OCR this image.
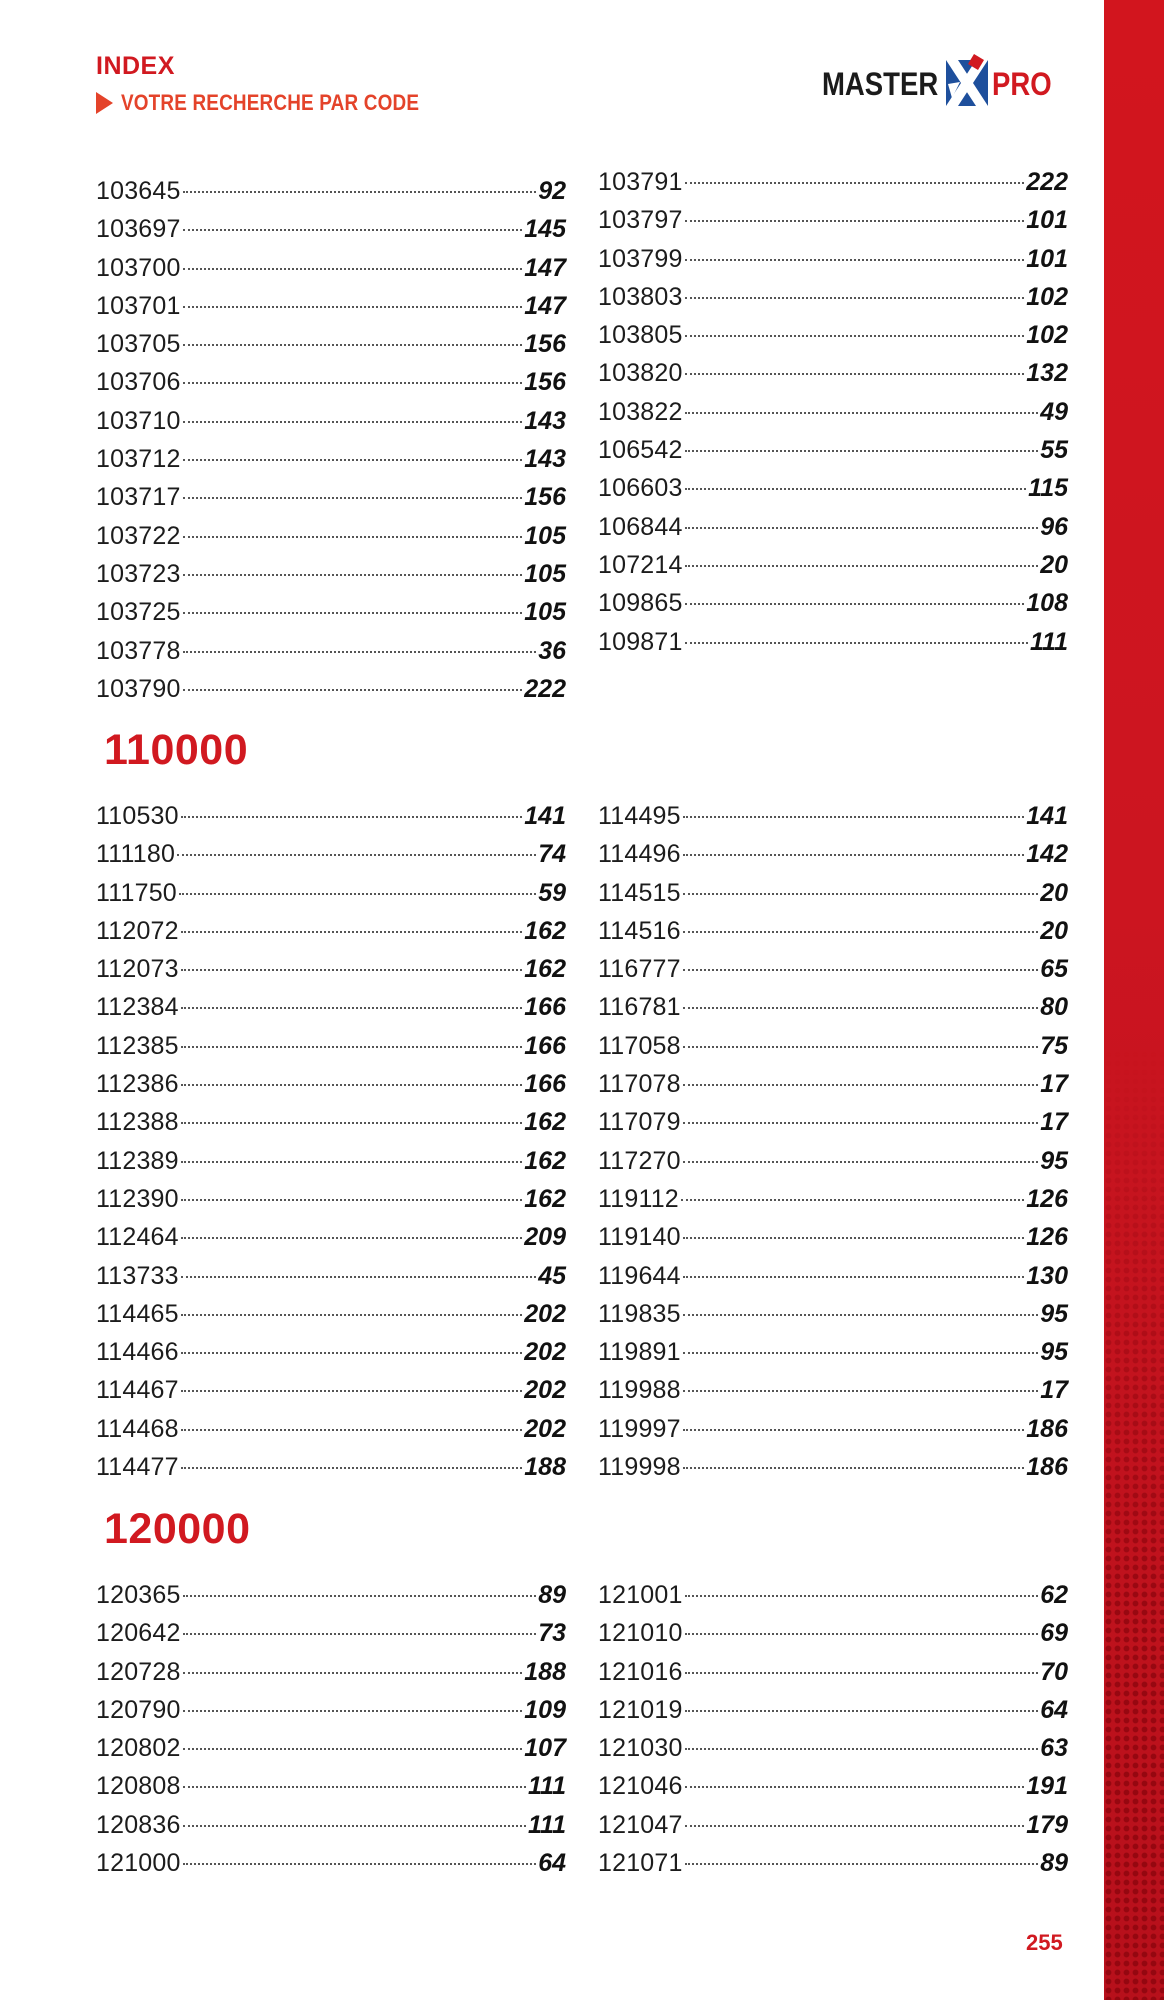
INDEX
VOTRE RECHERCHE PAR CODE
MASTER PRO
103645	92
103697	145
103700	147
103701	147
103705	156
103706	156
103710	143
103712	143
103717	156
103722	105
103723	105
103725	105
103778	36
103790	222
103791	222
103797	101
103799	101
103803	102
103805	102
103820	132
103822	49
106542	55
106603	115
106844	96
107214	20
109865	108
109871	111
110000
110530	141
111180	74
111750	59
112072	162
112073	162
112384	166
112385	166
112386	166
112388	162
112389	162
112390	162
112464	209
113733	45
114465	202
114466	202
114467	202
114468	202
114477	188
114495	141
114496	142
114515	20
114516	20
116777	65
116781	80
117058	75
117078	17
117079	17
117270	95
119112	126
119140	126
119644	130
119835	95
119891	95
119988	17
119997	186
119998	186
120000
120365	89
120642	73
120728	188
120790	109
120802	107
120808	111
120836	111
121000	64
121001	62
121010	69
121016	70
121019	64
121030	63
121046	191
121047	179
121071	89
255
